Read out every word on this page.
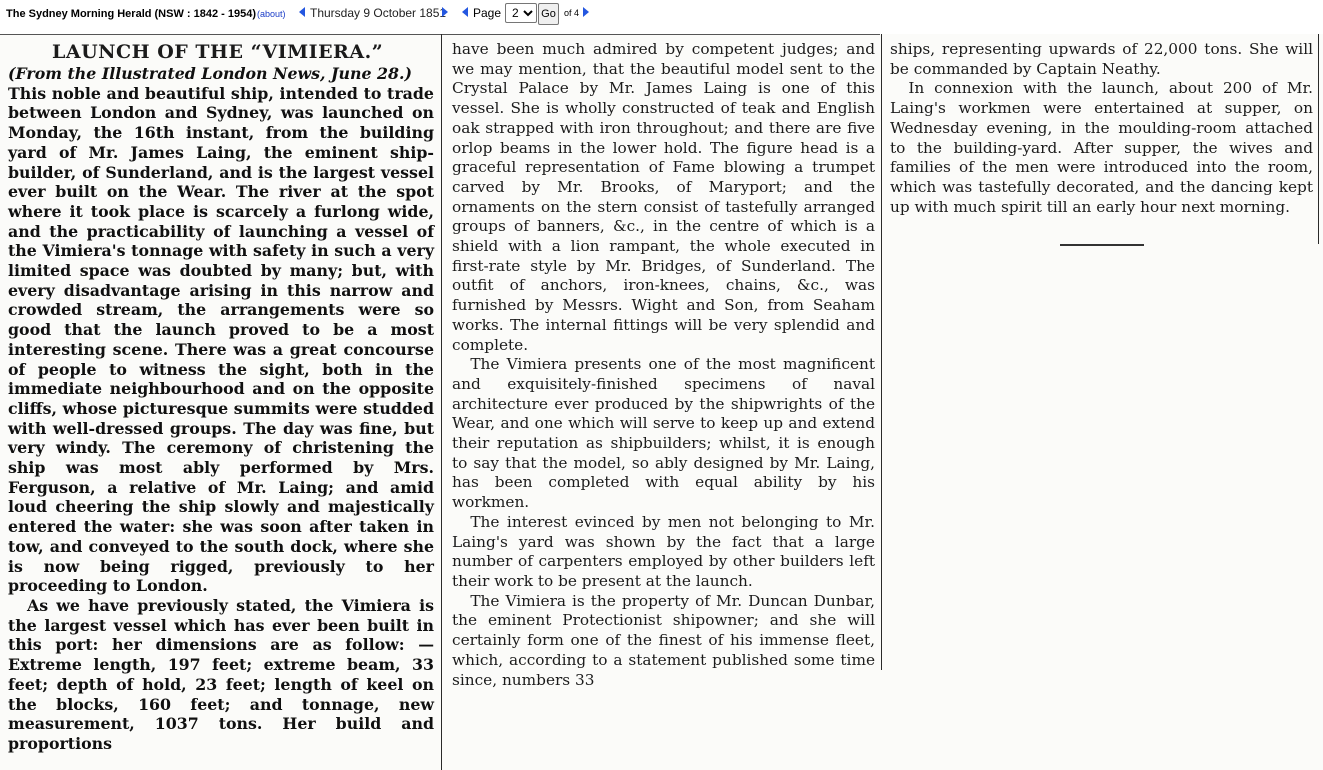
The Sydney Morning Herald (NSW : 1842 - 1954) (about) Thursday 9 October 1851 Page
2	Go of 4
LAUNCH OF THE “VIMIERA.”

(From the Illustrated London News, June 28.)

This noble and beautiful ship, intended to trade between London and Sydney, was launched on Monday, the 16th instant, from the building yard of Mr. James Laing, the eminent ship-builder, of Sunderland, and is the largest vessel ever built on the Wear. The river at the spot where it took place is scarcely a furlong wide, and the practicability of launching a vessel of the Vimiera's tonnage with safety in such a very limited space was doubted by many; but, with every disadvantage arising in this narrow and crowded stream, the arrangements were so good that the launch proved to be a most interesting scene. There was a great concourse of people to witness the sight, both in the immediate neighbourhood and on the opposite cliffs, whose picturesque summits were studded with well-dressed groups. The day was fine, but very windy. The ceremony of christening the ship was most ably performed by Mrs. Ferguson, a relative of Mr. Laing; and amid loud cheering the ship slowly and majestically entered the water: she was soon after taken in tow, and conveyed to the south dock, where she is now being rigged, previously to her proceeding to London.

As we have previously stated, the Vimiera is the largest vessel which has ever been built in this port: her dimensions are as follow: — Extreme length, 197 feet; extreme beam, 33 feet; depth of hold, 23 feet; length of keel on the blocks, 160 feet; and tonnage, new measurement, 1037 tons. Her build and proportions

have been much admired by competent judges; and we may mention, that the beautiful model sent to the Crystal Palace by Mr. James Laing is one of this vessel. She is wholly constructed of teak and English oak strapped with iron throughout; and there are five orlop beams in the lower hold. The figure head is a graceful representation of Fame blowing a trumpet carved by Mr. Brooks, of Maryport; and the ornaments on the stern consist of tastefully arranged groups of banners, &c., in the centre of which is a shield with a lion rampant, the whole executed in first-rate style by Mr. Bridges, of Sunderland. The outfit of anchors, iron-knees, chains, &c., was furnished by Messrs. Wight and Son, from Seaham works. The internal fittings will be very splendid and complete.

The Vimiera presents one of the most magnificent and exquisitely-finished specimens of naval architecture ever produced by the shipwrights of the Wear, and one which will serve to keep up and extend their reputation as shipbuilders; whilst, it is enough to say that the model, so ably designed by Mr. Laing, has been completed with equal ability by his workmen.

The interest evinced by men not belonging to Mr. Laing's yard was shown by the fact that a large number of carpenters employed by other builders left their work to be present at the launch.

The Vimiera is the property of Mr. Duncan Dunbar, the eminent Protectionist shipowner; and she will certainly form one of the finest of his immense fleet, which, according to a statement published some time since, numbers 33

ships, representing upwards of 22,000 tons. She will be commanded by Captain Neathy.

In connexion with the launch, about 200 of Mr. Laing's workmen were entertained at supper, on Wednesday evening, in the moulding-room attached to the building-yard. After supper, the wives and families of the men were introduced into the room, which was tastefully decorated, and the dancing kept up with much spirit till an early hour next morning.
